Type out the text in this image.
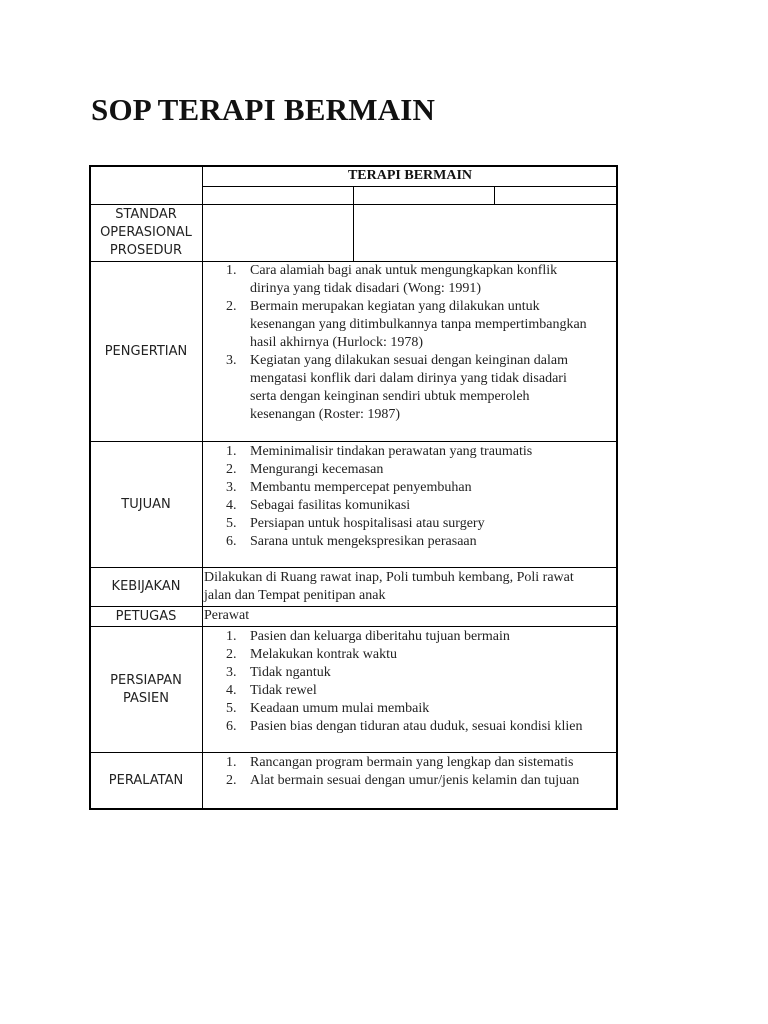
SOP TERAPI BERMAIN
TERAPI BERMAIN
STANDAR
OPERASIONAL
PROSEDUR
PENGERTIAN
TUJUAN
KEBIJAKAN
PETUGAS
PERSIAPAN
PASIEN
PERALATAN
1. Cara alamiah bagi anak untuk mengungkapkan konflik
dirinya yang tidak disadari (Wong: 1991)
2. Bermain merupakan kegiatan yang dilakukan untuk
kesenangan yang ditimbulkannya tanpa mempertimbangkan
hasil akhirnya (Hurlock: 1978)
3. Kegiatan yang dilakukan sesuai dengan keinginan dalam
mengatasi konflik dari dalam dirinya yang tidak disadari
serta dengan keinginan sendiri ubtuk memperoleh
kesenangan (Roster: 1987)
1. Meminimalisir tindakan perawatan yang traumatis
2. Mengurangi kecemasan
3. Membantu mempercepat penyembuhan
4. Sebagai fasilitas komunikasi
5. Persiapan untuk hospitalisasi atau surgery
6. Sarana untuk mengekspresikan perasaan
Dilakukan di Ruang rawat inap, Poli tumbuh kembang, Poli rawat
jalan dan Tempat penitipan anak
Perawat
1. Pasien dan keluarga diberitahu tujuan bermain
2. Melakukan kontrak waktu
3. Tidak ngantuk
4. Tidak rewel
5. Keadaan umum mulai membaik
6. Pasien bias dengan tiduran atau duduk, sesuai kondisi klien
1. Rancangan program bermain yang lengkap dan sistematis
2. Alat bermain sesuai dengan umur/jenis kelamin dan tujuan
